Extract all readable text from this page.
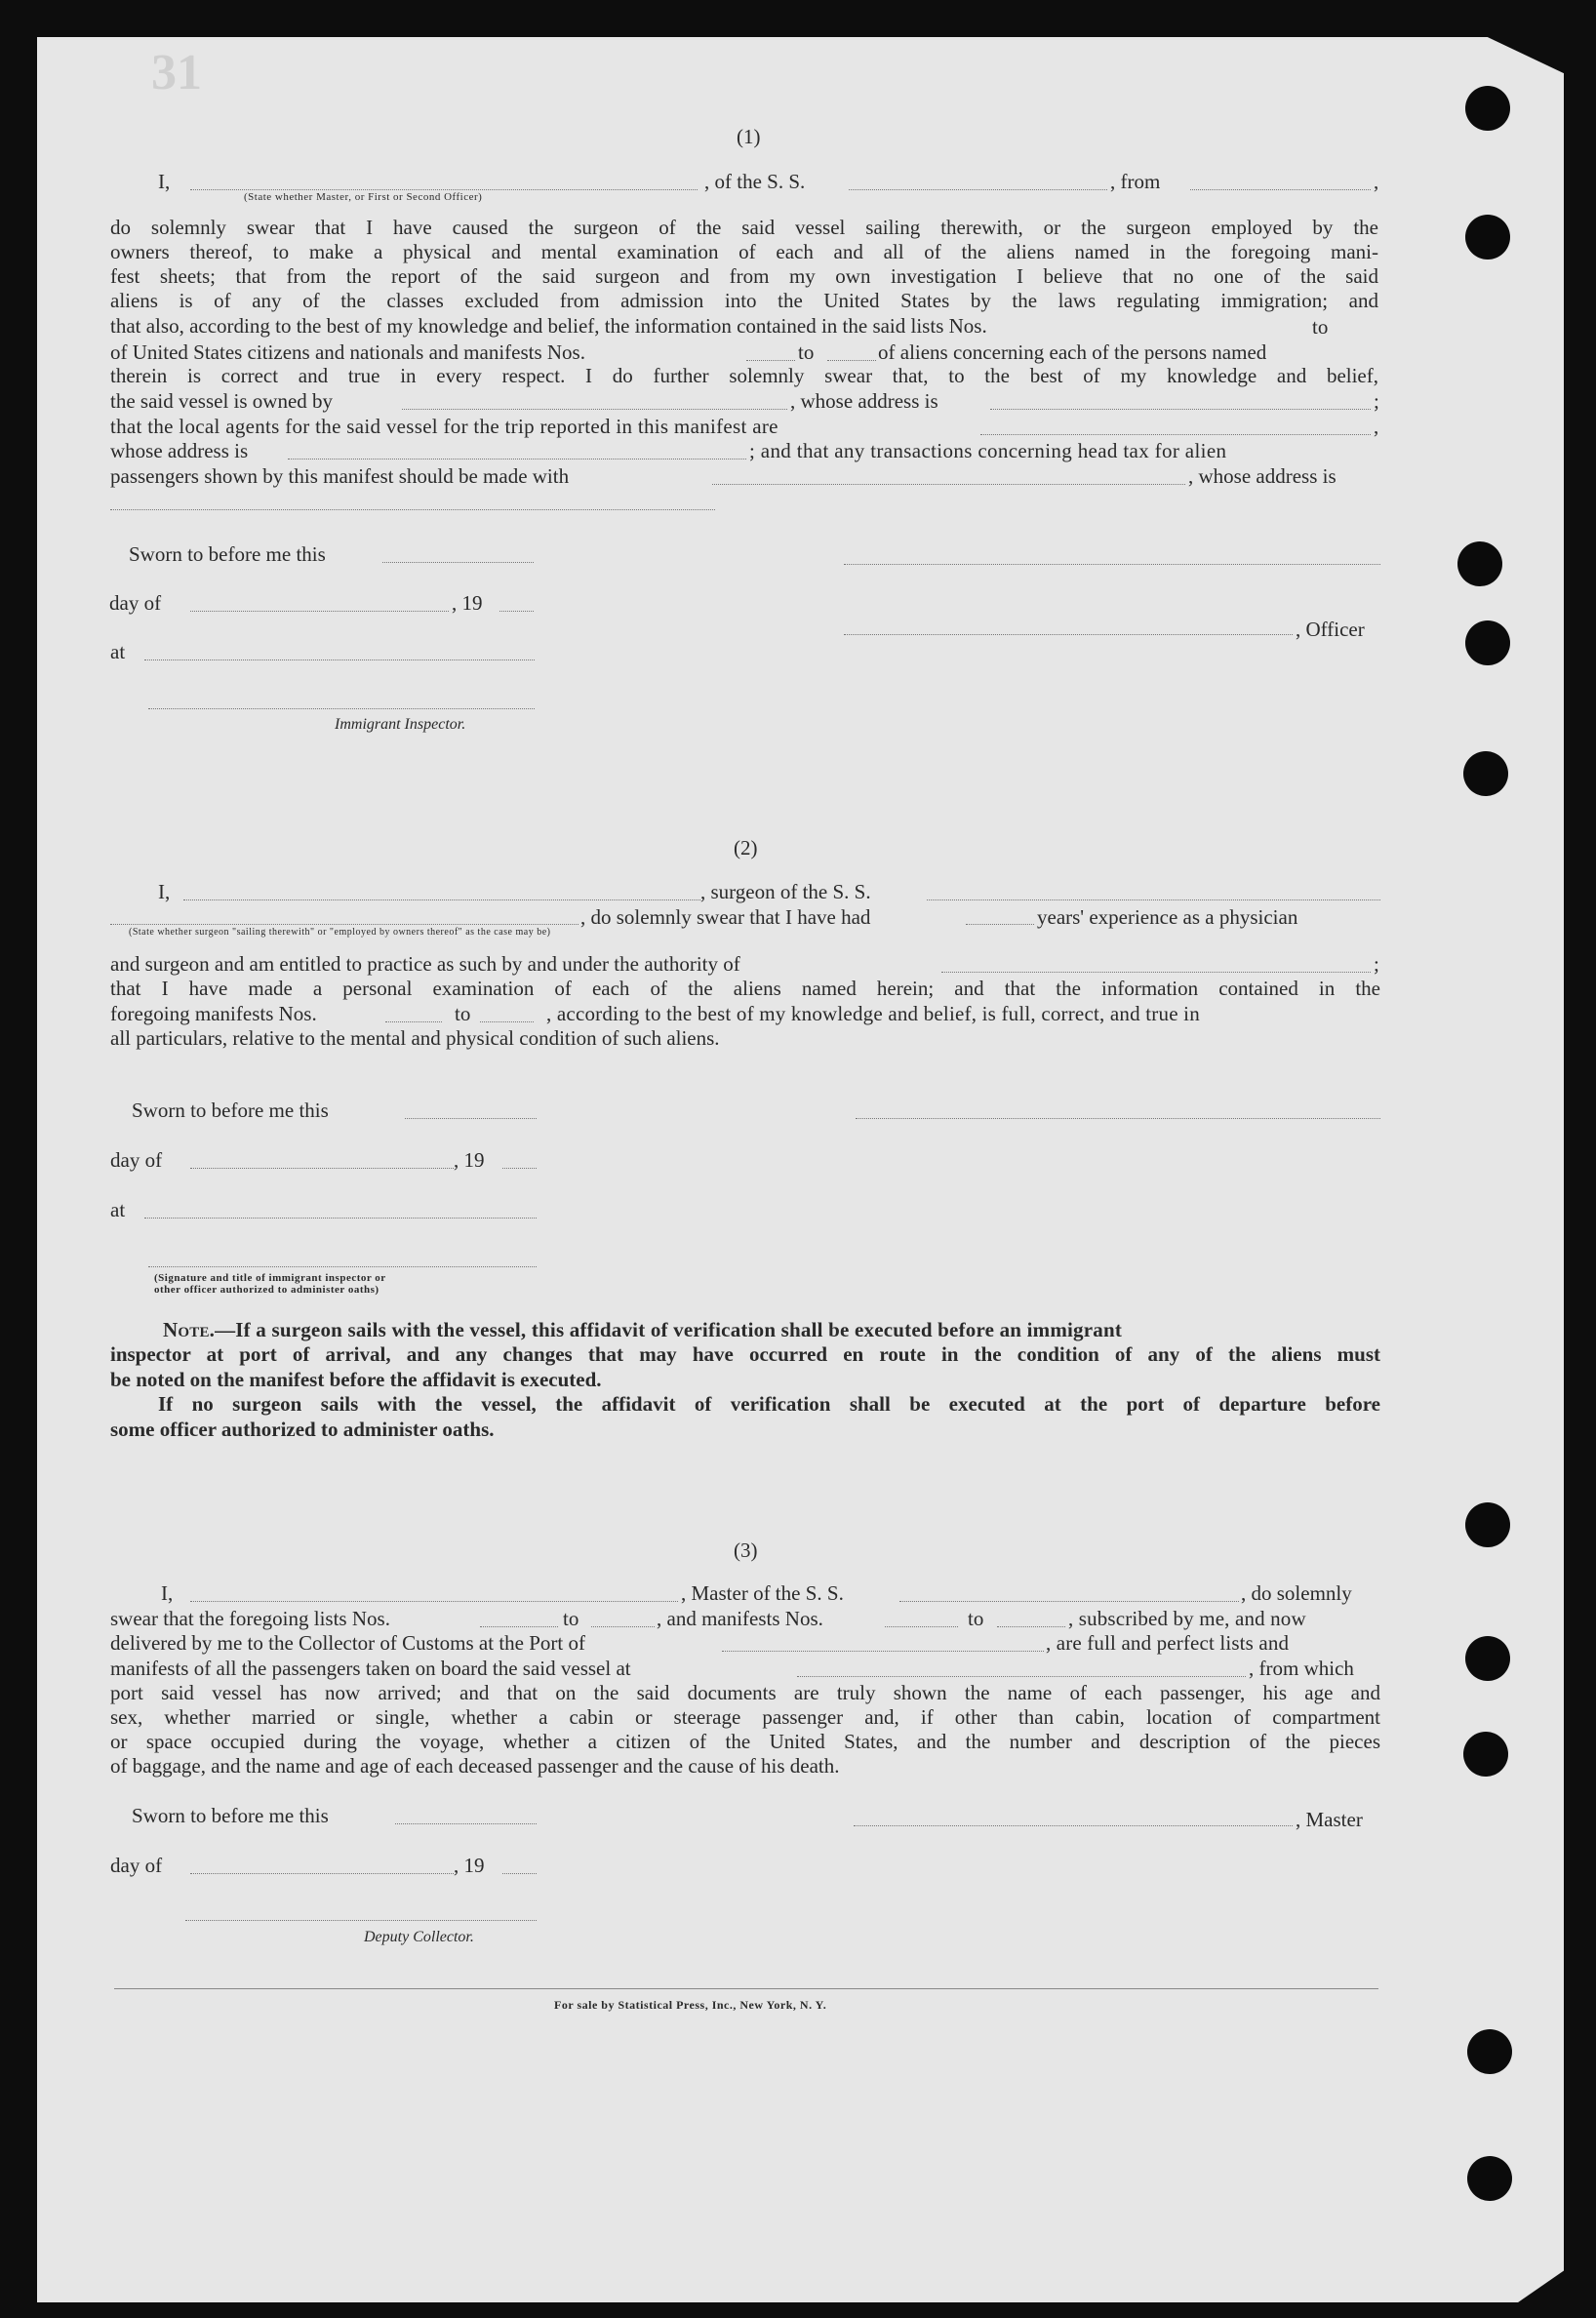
31
(1)
I,
(State whether Master, or First or Second Officer)
, of the S. S.	, from	,
do solemnly swear that I have caused the surgeon of the said vessel sailing therewith, or the surgeon employed by the
owners thereof, to make a physical and mental examination of each and all of the aliens named in the foregoing mani-
fest sheets; that from the report of the said surgeon and from my own investigation I believe that no one of the said
aliens is of any of the classes excluded from admission into the United States by the laws regulating immigration; and
that also, according to the best of my knowledge and belief, the information contained in the said lists Nos.	to
of United States citizens and nationals and manifests Nos.	to	of aliens concerning each of the persons named
therein is correct and true in every respect. I do further solemnly swear that, to the best of my knowledge and belief,
the said vessel is owned by	, whose address is	;
that the local agents for the said vessel for the trip reported in this manifest are	,
whose address is	; and that any transactions concerning head tax for alien
passengers shown by this manifest should be made with	, whose address is
Sworn to before me this
day of	, 19
, Officer
at
Immigrant Inspector.
(2)
I,	, surgeon of the S. S.
, do solemnly swear that I have had	years' experience as a physician
(State whether surgeon "sailing therewith" or "employed by owners thereof" as the case may be)
and surgeon and am entitled to practice as such by and under the authority of	;
that I have made a personal examination of each of the aliens named herein; and that the information contained in the
foregoing manifests Nos.	to	, according to the best of my knowledge and belief, is full, correct, and true in
all particulars, relative to the mental and physical condition of such aliens.
Sworn to before me this
day of	, 19
at
(Signature and title of immigrant inspector or
other officer authorized to administer oaths)
Note.—If a surgeon sails with the vessel, this affidavit of verification shall be executed before an immigrant
inspector at port of arrival, and any changes that may have occurred en route in the condition of any of the aliens must
be noted on the manifest before the affidavit is executed.
If no surgeon sails with the vessel, the affidavit of verification shall be executed at the port of departure before
some officer authorized to administer oaths.
(3)
I,	, Master of the S. S.	, do solemnly
swear that the foregoing lists Nos.	to	, and manifests Nos.	to	, subscribed by me, and now
delivered by me to the Collector of Customs at the Port of	, are full and perfect lists and
manifests of all the passengers taken on board the said vessel at	, from which
port said vessel has now arrived; and that on the said documents are truly shown the name of each passenger, his age and
sex, whether married or single, whether a cabin or steerage passenger and, if other than cabin, location of compartment
or space occupied during the voyage, whether a citizen of the United States, and the number and description of the pieces
of baggage, and the name and age of each deceased passenger and the cause of his death.
Sworn to before me this	, Master
day of	, 19
Deputy Collector.
For sale by Statistical Press, Inc., New York, N. Y.
